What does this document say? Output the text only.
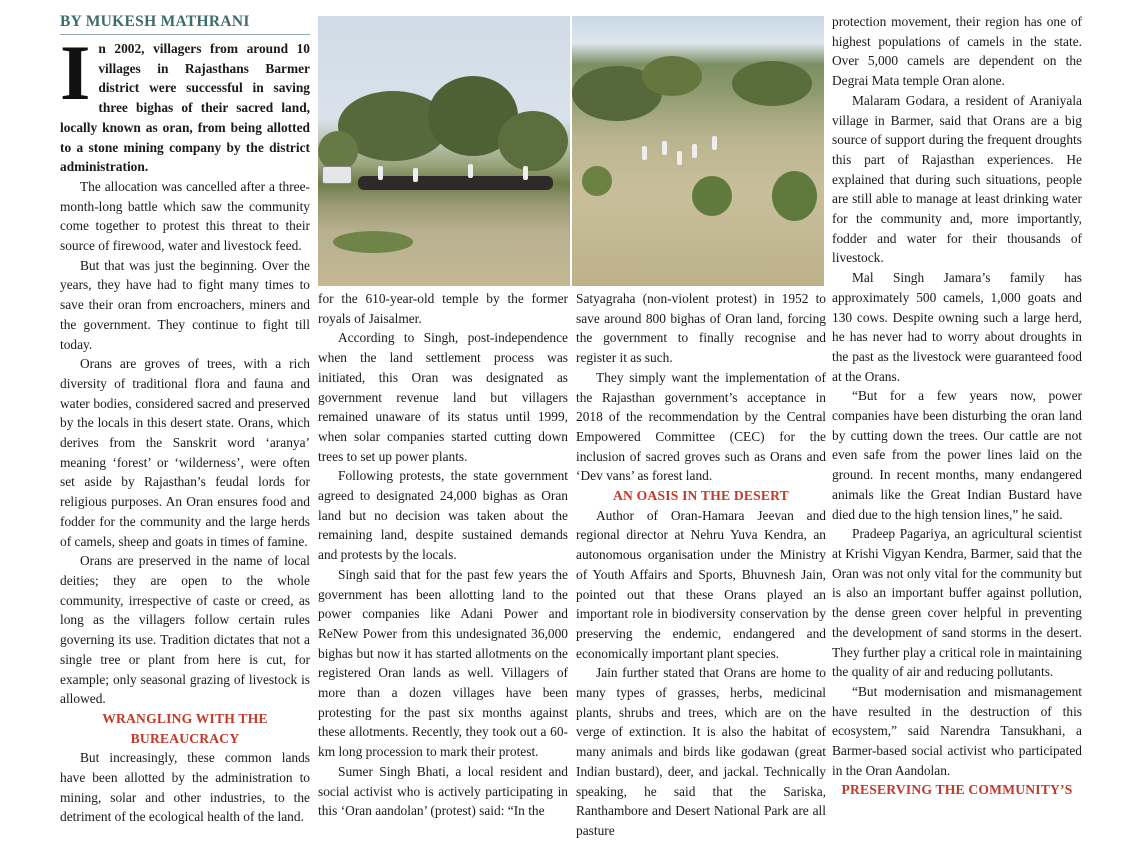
BY MUKESH MATHRANI

In 2002, villagers from around 10 villages in Rajasthans Barmer district were successful in saving three bighas of their sacred land, locally known as oran, from being allotted to a stone mining company by the district administration.

The allocation was cancelled after a three-month-long battle which saw the community come together to protest this threat to their source of firewood, water and livestock feed.

But that was just the beginning. Over the years, they have had to fight many times to save their oran from encroachers, miners and the government. They continue to fight till today.

Orans are groves of trees, with a rich diversity of traditional flora and fauna and water bodies, considered sacred and preserved by the locals in this desert state. Orans, which derives from the Sanskrit word ‘aranya’ meaning ‘forest’ or ‘wilderness’, were often set aside by Rajasthan’s feudal lords for religious purposes. An Oran ensures food and fodder for the community and the large herds of camels, sheep and goats in times of famine.

Orans are preserved in the name of local deities; they are open to the whole community, irrespective of caste or creed, as long as the villagers follow certain rules governing its use. Tradition dictates that not a single tree or plant from here is cut, for example; only seasonal grazing of livestock is allowed.

WRANGLING WITH THE BUREAUCRACY

But increasingly, these common lands have been allotted by the administration to mining, solar and other industries, to the detriment of the ecological health of the land.

for the 610-year-old temple by the former royals of Jaisalmer.

According to Singh, post-independence when the land settlement process was initiated, this Oran was designated as government revenue land but villagers remained unaware of its status until 1999, when solar companies started cutting down trees to set up power plants.

Following protests, the state government agreed to designated 24,000 bighas as Oran land but no decision was taken about the remaining land, despite sustained demands and protests by the locals.

Singh said that for the past few years the government has been allotting land to the power companies like Adani Power and ReNew Power from this undesignated 36,000 bighas but now it has started allotments on the registered Oran lands as well. Villagers of more than a dozen villages have been protesting for the past six months against these allotments. Recently, they took out a 60-km long procession to mark their protest.

Sumer Singh Bhati, a local resident and social activist who is actively participating in this ‘Oran aandolan’ (protest) said: “In the

Satyagraha (non-violent protest) in 1952 to save around 800 bighas of Oran land, forcing the government to finally recognise and register it as such.

They simply want the implementation of the Rajasthan government’s acceptance in 2018 of the recommendation by the Central Empowered Committee (CEC) for the inclusion of sacred groves such as Orans and ‘Dev vans’ as forest land.

AN OASIS IN THE DESERT

Author of Oran-Hamara Jeevan and regional director at Nehru Yuva Kendra, an autonomous organisation under the Ministry of Youth Affairs and Sports, Bhuvnesh Jain, pointed out that these Orans played an important role in biodiversity conservation by preserving the endemic, endangered and economically important plant species.

Jain further stated that Orans are home to many types of grasses, herbs, medicinal plants, shrubs and trees, which are on the verge of extinction. It is also the habitat of many animals and birds like godawan (great Indian bustard), deer, and jackal. Technically speaking, he said that the Sariska, Ranthambore and Desert National Park are all pasture

protection movement, their region has one of highest populations of camels in the state. Over 5,000 camels are dependent on the Degrai Mata temple Oran alone.

Malaram Godara, a resident of Araniyala village in Barmer, said that Orans are a big source of support during the frequent droughts this part of Rajasthan experiences. He explained that during such situations, people are still able to manage at least drinking water for the community and, more importantly, fodder and water for their thousands of livestock.

Mal Singh Jamara’s family has approximately 500 camels, 1,000 goats and 130 cows. Despite owning such a large herd, he has never had to worry about droughts in the past as the livestock were guaranteed food at the Orans.

“But for a few years now, power companies have been disturbing the oran land by cutting down the trees. Our cattle are not even safe from the power lines laid on the ground. In recent months, many endangered animals like the Great Indian Bustard have died due to the high tension lines,” he said.

Pradeep Pagariya, an agricultural scientist at Krishi Vigyan Kendra, Barmer, said that the Oran was not only vital for the community but is also an important buffer against pollution, the dense green cover helpful in preventing the development of sand storms in the desert. They further play a critical role in maintaining the quality of air and reducing pollutants.

“But modernisation and mismanagement have resulted in the destruction of this ecosystem,” said Narendra Tansukhani, a Barmer-based social activist who participated in the Oran Aandolan.

PRESERVING THE COMMUNITY’S
